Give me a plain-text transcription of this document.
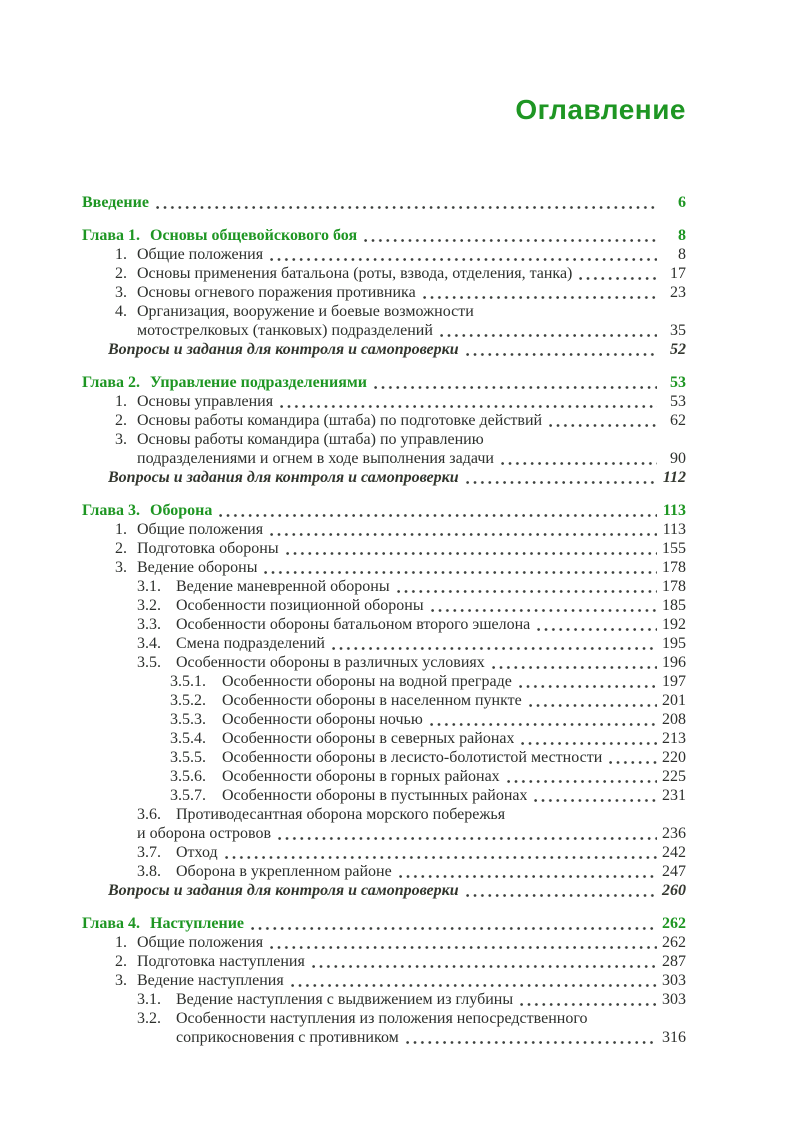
Оглавление
Введение	6
Глава 1. Основы общевойскового боя	8
1. Общие положения	8
2. Основы применения батальона (роты, взвода, отделения, танка)	17
3. Основы огневого поражения противника	23
4. Организация, вооружение и боевые возможности
мотострелковых (танковых) подразделений	35
Вопросы и задания для контроля и самопроверки	52
Глава 2. Управление подразделениями	53
1. Основы управления	53
2. Основы работы командира (штаба) по подготовке действий	62
3. Основы работы командира (штаба) по управлению
подразделениями и огнем в ходе выполнения задачи	90
Вопросы и задания для контроля и самопроверки	112
Глава 3. Оборона	113
1. Общие положения	113
2. Подготовка обороны	155
3. Ведение обороны	178
3.1. Ведение маневренной обороны	178
3.2. Особенности позиционной обороны	185
3.3. Особенности обороны батальоном второго эшелона	192
3.4. Смена подразделений	195
3.5. Особенности обороны в различных условиях	196
3.5.1.	Особенности обороны на водной преграде	197
3.5.2.	Особенности обороны в населенном пункте	201
3.5.3.	Особенности обороны ночью	208
3.5.4.	Особенности обороны в северных районах	213
3.5.5.	Особенности обороны в лесисто-болотистой местности	220
3.5.6.	Особенности обороны в горных районах	225
3.5.7.	Особенности обороны в пустынных районах	231
3.6. Противодесантная оборона морского побережья
и оборона островов	236
3.7. Отход	242
3.8. Оборона в укрепленном районе	247
Вопросы и задания для контроля и самопроверки	260
Глава 4. Наступление	262
1. Общие положения	262
2. Подготовка наступления	287
3. Ведение наступления	303
3.1. Ведение наступления с выдвижением из глубины	303
3.2. Особенности наступления из положения непосредственного
соприкосновения с противником	316
